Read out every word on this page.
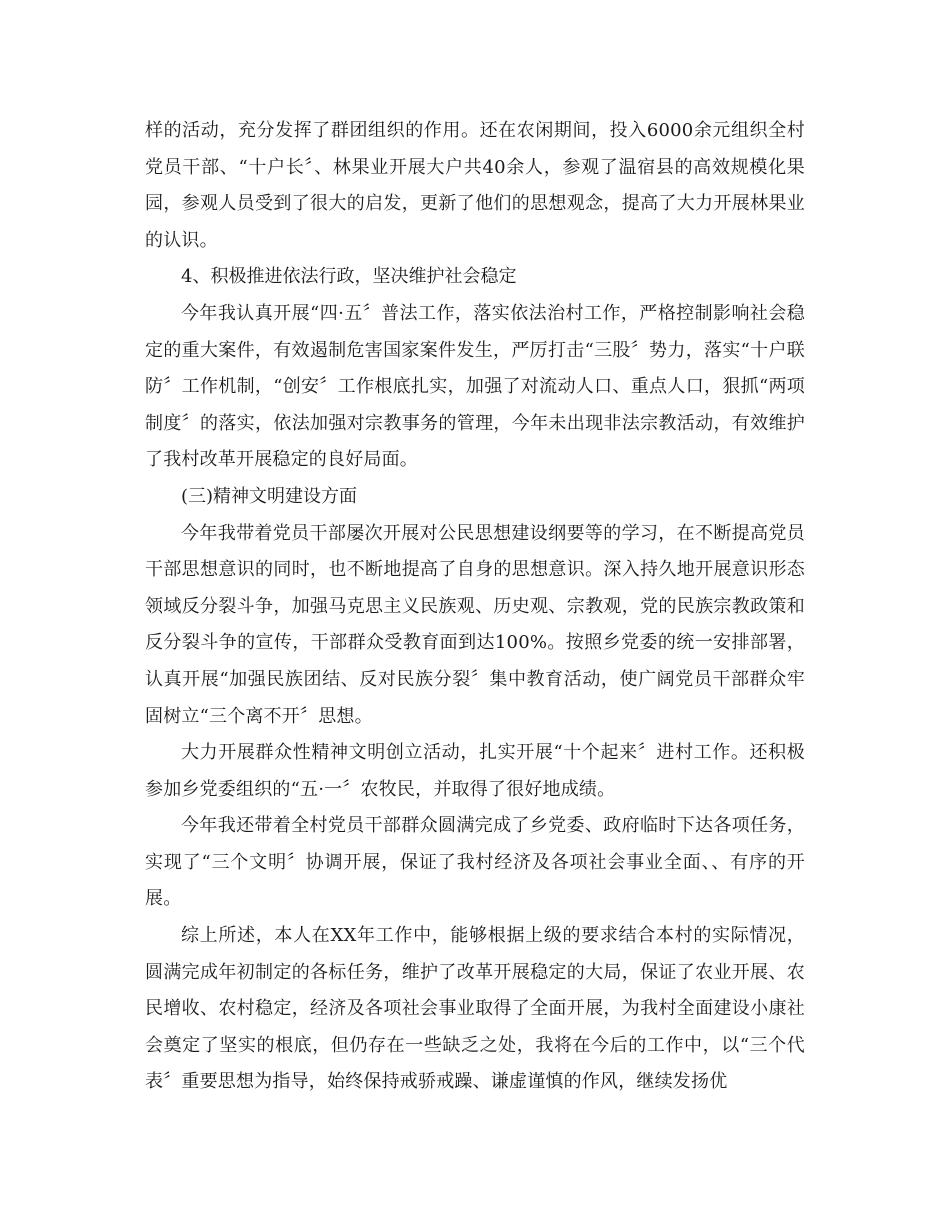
样的活动，充分发挥了群团组织的作用。还在农闲期间，投入6000余元组织全村党员干部、“十户长〞、林果业开展大户共40余人，参观了温宿县的高效规模化果园，参观人员受到了很大的启发，更新了他们的思想观念，提高了大力开展林果业的认识。

4、积极推进依法行政，坚决维护社会稳定

今年我认真开展“四·五〞普法工作，落实依法治村工作，严格控制影响社会稳定的重大案件，有效遏制危害国家案件发生，严厉打击“三股〞势力，落实“十户联防〞工作机制，“创安〞工作根底扎实，加强了对流动人口、重点人口，狠抓“两项制度〞的落实，依法加强对宗教事务的管理，今年未出现非法宗教活动，有效维护了我村改革开展稳定的良好局面。

(三)精神文明建设方面

今年我带着党员干部屡次开展对公民思想建设纲要等的学习，在不断提高党员干部思想意识的同时，也不断地提高了自身的思想意识。深入持久地开展意识形态领域反分裂斗争，加强马克思主义民族观、历史观、宗教观，党的民族宗教政策和反分裂斗争的宣传，干部群众受教育面到达100%。按照乡党委的统一安排部署，认真开展“加强民族团结、反对民族分裂〞集中教育活动，使广阔党员干部群众牢固树立“三个离不开〞思想。

大力开展群众性精神文明创立活动，扎实开展“十个起来〞进村工作。还积极参加乡党委组织的“五·一〞农牧民，并取得了很好地成绩。

今年我还带着全村党员干部群众圆满完成了乡党委、政府临时下达各项任务，实现了“三个文明〞协调开展，保证了我村经济及各项社会事业全面、、有序的开展。

综上所述，本人在XX年工作中，能够根据上级的要求结合本村的实际情况，圆满完成年初制定的各标任务，维护了改革开展稳定的大局，保证了农业开展、农民增收、农村稳定，经济及各项社会事业取得了全面开展，为我村全面建设小康社会奠定了坚实的根底，但仍存在一些缺乏之处，我将在今后的工作中，以“三个代表〞重要思想为指导，始终保持戒骄戒躁、谦虚谨慎的作风，继续发扬优
